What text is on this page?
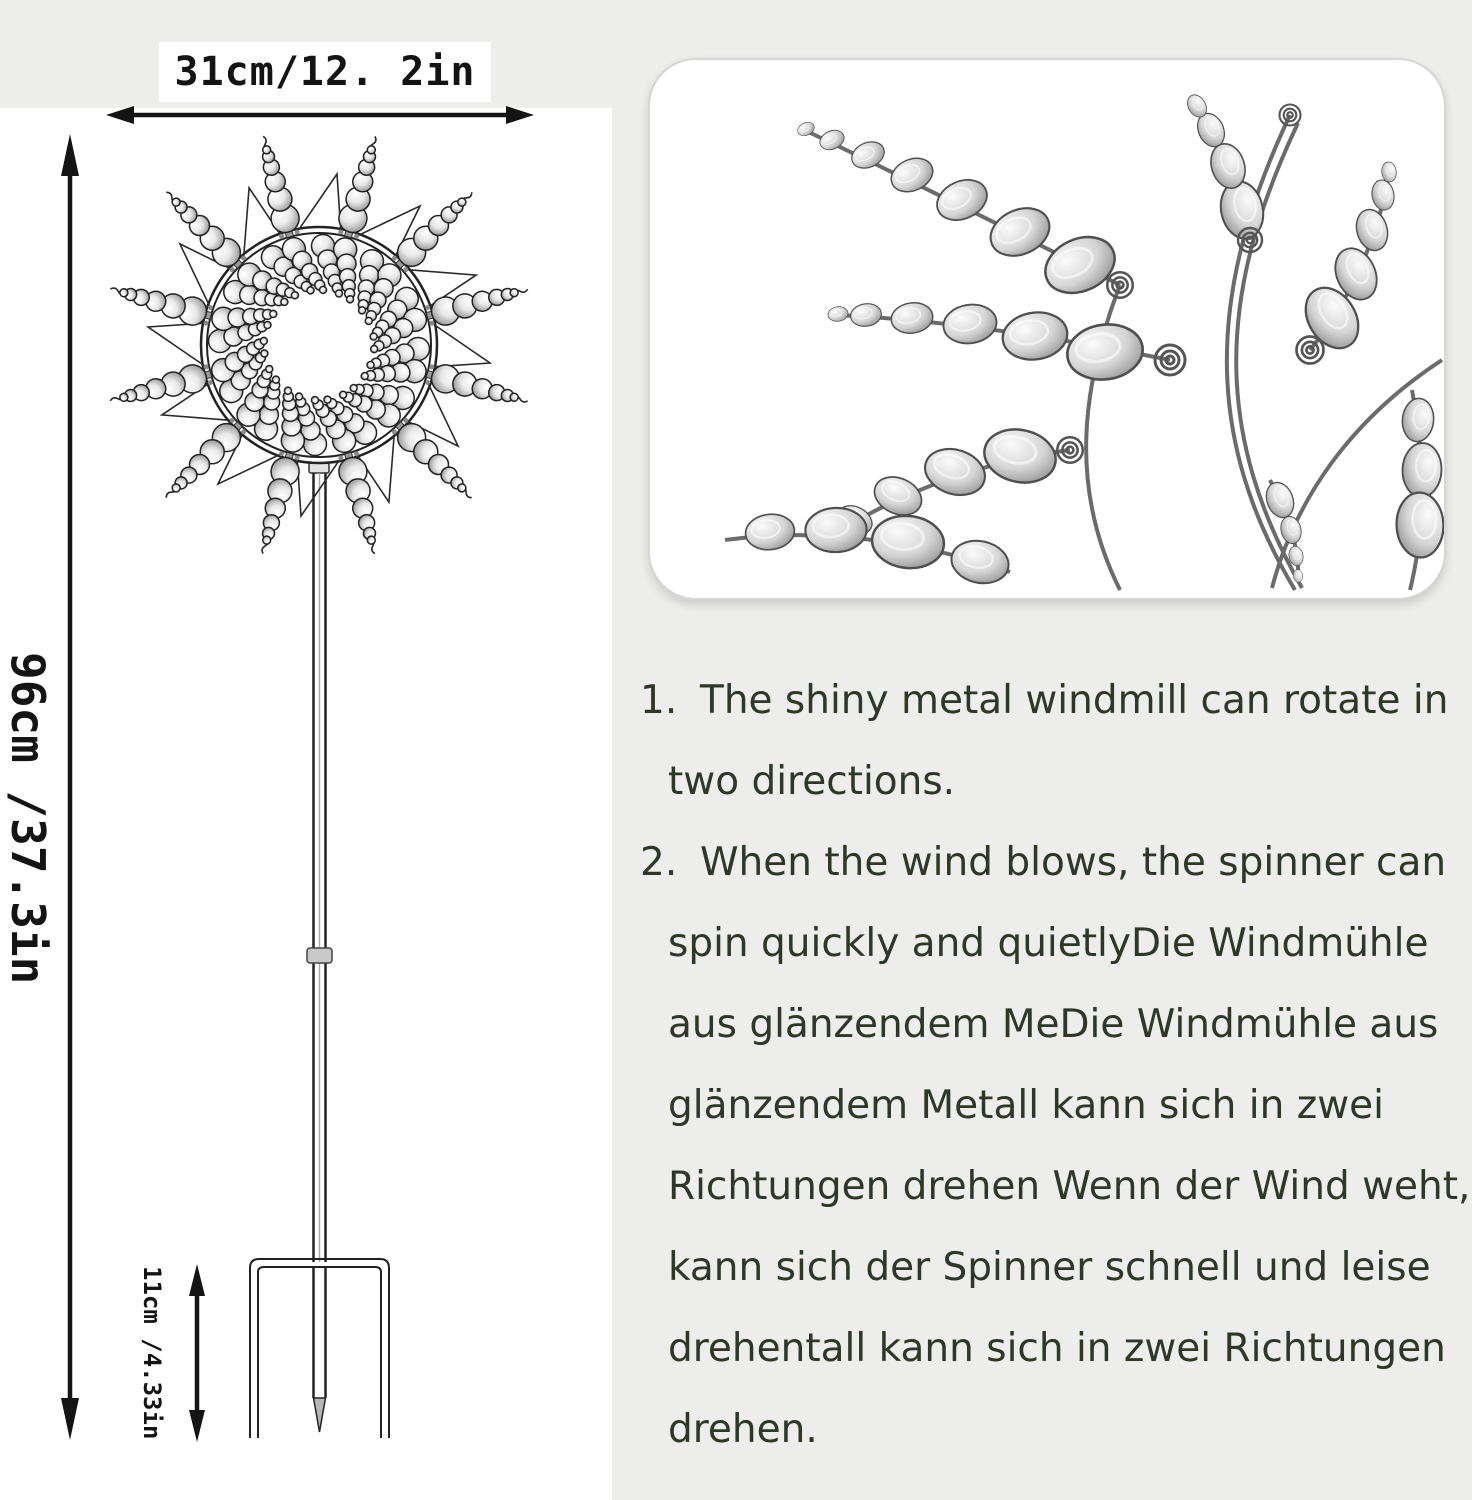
31cm/12. 2in
96cm /37.3in
11cm /4.33in
1. The shiny metal windmill can rotate in
two directions.
2. When the wind blows, the spinner can
spin quickly and quietlyDie Windmühle
aus glänzendem MeDie Windmühle aus
glänzendem Metall kann sich in zwei
Richtungen drehen Wenn der Wind weht,
kann sich der Spinner schnell und leise
drehentall kann sich in zwei Richtungen
drehen.
